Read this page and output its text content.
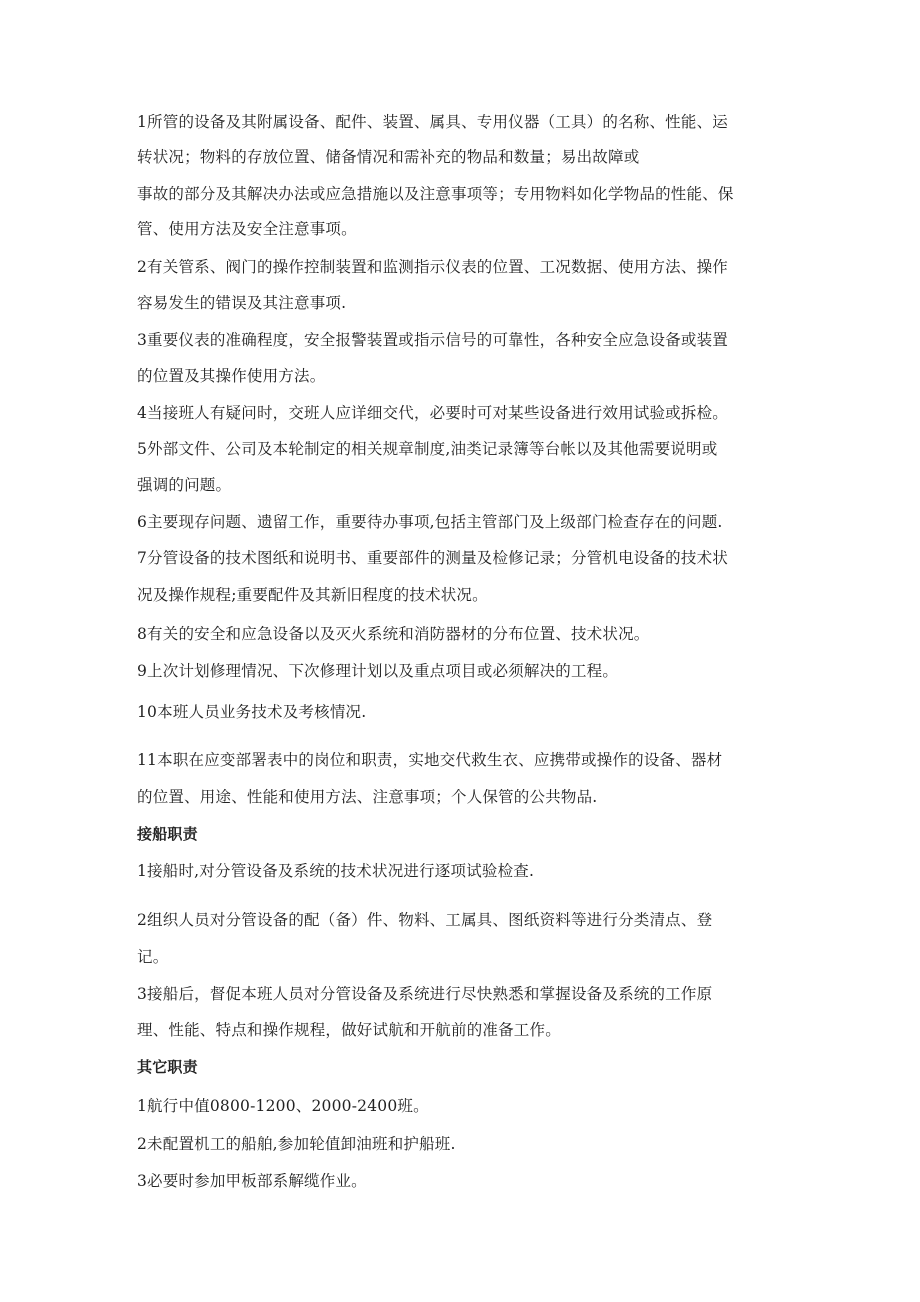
1所管的设备及其附属设备、配件、装置、属具、专用仪器（工具）的名称、性能、运
转状况；物料的存放位置、储备情况和需补充的物品和数量；易出故障或
事故的部分及其解决办法或应急措施以及注意事项等；专用物料如化学物品的性能、保
管、使用方法及安全注意事项。
2有关管系、阀门的操作控制装置和监测指示仪表的位置、工况数据、使用方法、操作
容易发生的错误及其注意事项.
3重要仪表的准确程度，安全报警装置或指示信号的可靠性，各种安全应急设备或装置
的位置及其操作使用方法。
4当接班人有疑问时，交班人应详细交代，必要时可对某些设备进行效用试验或拆检。
5外部文件、公司及本轮制定的相关规章制度,油类记录簿等台帐以及其他需要说明或
强调的问题。
6主要现存问题、遗留工作，重要待办事项,包括主管部门及上级部门检查存在的问题.
7分管设备的技术图纸和说明书、重要部件的测量及检修记录；分管机电设备的技术状
况及操作规程;重要配件及其新旧程度的技术状况。
8有关的安全和应急设备以及灭火系统和消防器材的分布位置、技术状况。
9上次计划修理情况、下次修理计划以及重点项目或必须解决的工程。
10本班人员业务技术及考核情况.
11本职在应变部署表中的岗位和职责，实地交代救生衣、应携带或操作的设备、器材
的位置、用途、性能和使用方法、注意事项；个人保管的公共物品.
接船职责
1接船时,对分管设备及系统的技术状况进行逐项试验检查.
2组织人员对分管设备的配（备）件、物料、工属具、图纸资料等进行分类清点、登
记。
3接船后，督促本班人员对分管设备及系统进行尽快熟悉和掌握设备及系统的工作原
理、性能、特点和操作规程，做好试航和开航前的准备工作。
其它职责
1航行中值0800-1200、2000-2400班。
2未配置机工的船舶,参加轮值卸油班和护船班.
3必要时参加甲板部系解缆作业。
